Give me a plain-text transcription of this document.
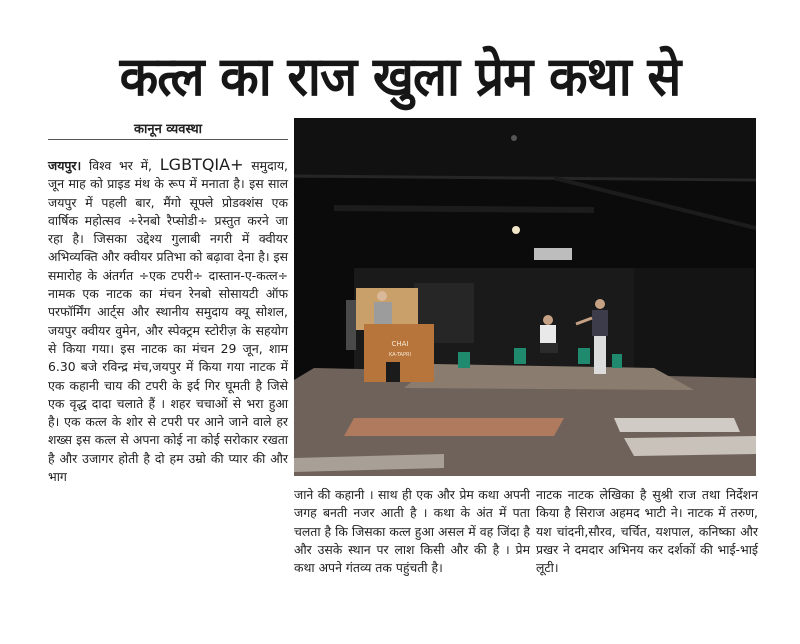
कत्ल का राज खुला प्रेम कथा से
कानून व्यवस्था
जयपुर। विश्व भर में, LGBTQIA+ समुदाय, जून माह को प्राइड मंथ के रूप में मनाता है। इस साल जयपुर में पहली बार, मैंगो सूफ्ले प्रोडक्शंस एक वार्षिक महोत्सव ÷रेनबो रैप्सोडी÷ प्रस्तुत करने जा रहा है। जिसका उद्देश्य गुलाबी नगरी में क्वीयर अभिव्यक्ति और क्वीयर प्रतिभा को बढ़ावा देना है। इस समारोह के अंतर्गत ÷एक टपरी÷ दास्तान-ए-कत्ल÷ नामक एक नाटक का मंचन रेनबो सोसायटी ऑफ परफॉर्मिंग आर्ट्स और स्थानीय समुदाय क्यू सोशल, जयपुर क्वीयर वुमेन, और स्पेक्ट्रम स्टोरीज़ के सहयोग से किया गया। इस नाटक का मंचन 29 जून, शाम 6.30 बजे रविन्द्र मंच,जयपुर में किया गया नाटक में एक कहानी चाय की टपरी के इर्द गिर घूमती है जिसे एक वृद्ध दादा चलाते हैं । शहर चचाओं से भरा हुआ है। एक कत्ल के शोर से टपरी पर आने जाने वाले हर शख्स इस कत्ल से अपना कोई ना कोई सरोकार रखता है और उजागर होती है दो हम उम्रो की प्यार की और भाग
जाने की कहानी । साथ ही एक और प्रेम कथा अपनी जगह बनती नजर आती है । कथा के अंत में पता चलता है कि जिसका कत्ल हुआ असल में वह जिंदा है और उसके स्थान पर लाश किसी और की है । प्रेम कथा अपने गंतव्य तक पहुंचती है।
नाटक नाटक लेखिका है सुश्री राज तथा निर्देशन किया है सिराज अहमद भाटी ने। नाटक में तरुण, यश चांदनी,सौरव, चर्चित, यशपाल, कनिष्का और प्रखर ने दमदार अभिनय कर दर्शकों की भाई-भाई लूटी।
CHAI
KA-TAPRI
